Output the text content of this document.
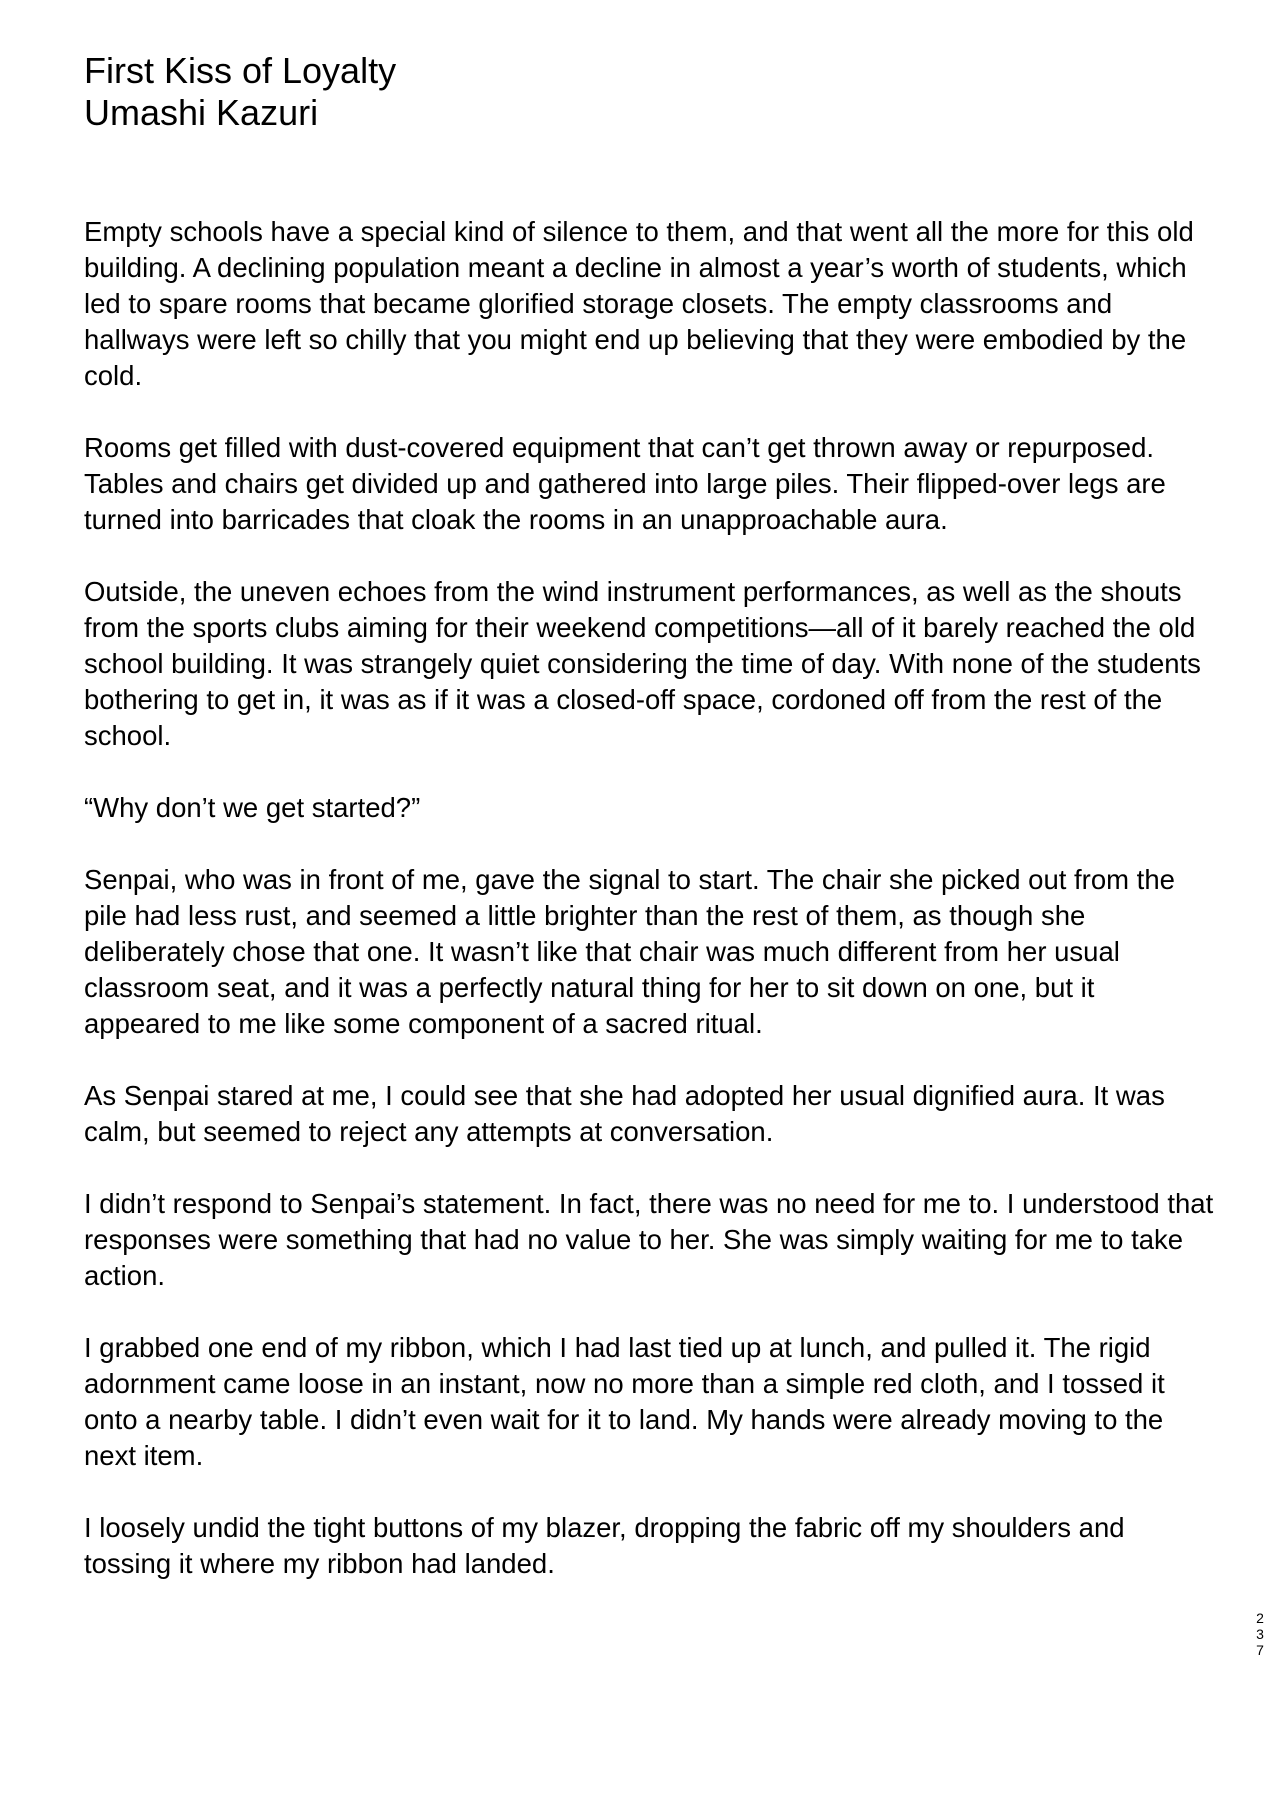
First Kiss of Loyalty
Umashi Kazuri

Empty schools have a special kind of silence to them, and that went all the more for this old building. A declining population meant a decline in almost a year’s worth of students, which led to spare rooms that became glorified storage closets. The empty classrooms and hallways were left so chilly that you might end up believing that they were embodied by the cold.

Rooms get filled with dust-covered equipment that can’t get thrown away or repurposed. Tables and chairs get divided up and gathered into large piles. Their flipped-over legs are turned into barricades that cloak the rooms in an unapproachable aura.

Outside, the uneven echoes from the wind instrument performances, as well as the shouts from the sports clubs aiming for their weekend competitions—all of it barely reached the old school building. It was strangely quiet considering the time of day. With none of the students bothering to get in, it was as if it was a closed-off space, cordoned off from the rest of the school.

“Why don’t we get started?”

Senpai, who was in front of me, gave the signal to start. The chair she picked out from the pile had less rust, and seemed a little brighter than the rest of them, as though she deliberately chose that one. It wasn’t like that chair was much different from her usual classroom seat, and it was a perfectly natural thing for her to sit down on one, but it appeared to me like some component of a sacred ritual.

As Senpai stared at me, I could see that she had adopted her usual dignified aura. It was calm, but seemed to reject any attempts at conversation.

I didn’t respond to Senpai’s statement. In fact, there was no need for me to. I understood that responses were something that had no value to her. She was simply waiting for me to take action.

I grabbed one end of my ribbon, which I had last tied up at lunch, and pulled it. The rigid adornment came loose in an instant, now no more than a simple red cloth, and I tossed it onto a nearby table. I didn’t even wait for it to land. My hands were already moving to the next item.

I loosely undid the tight buttons of my blazer, dropping the fabric off my shoulders and tossing it where my ribbon had landed.

237
